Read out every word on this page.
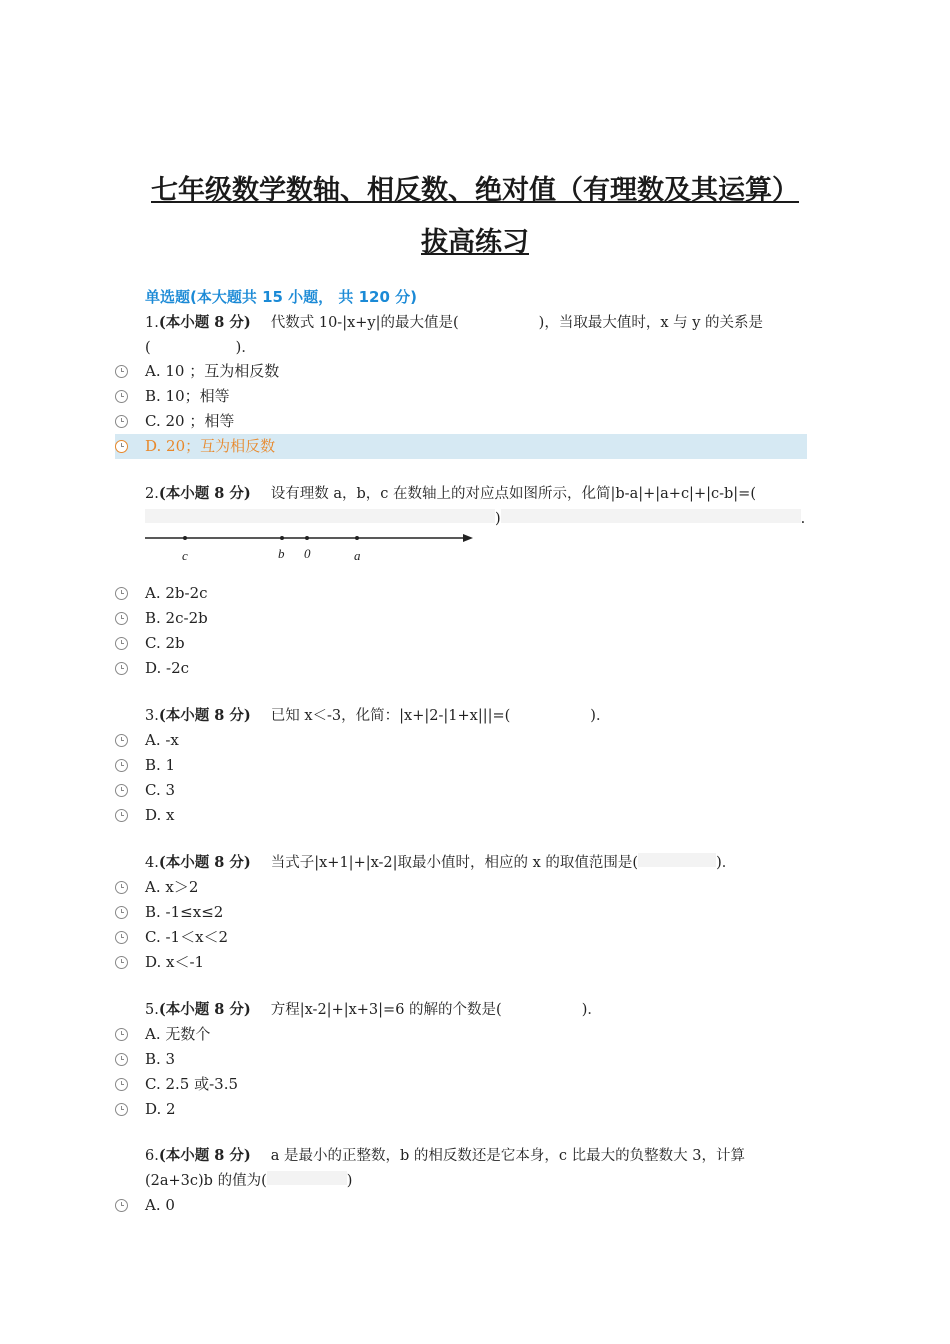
七年级数学数轴、相反数、绝对值（有理数及其运算）
拔高练习
单选题(本大题共 15 小题， 共 120 分)
1.(本小题 8 分) 代数式 10-|x+y|的最大值是(	)，当取最大值时，x 与 y 的关系是
(	)．
A. 10 ；互为相反数
B. 10；相等
C. 20 ；相等
D. 20；互为相反数
2.(本小题 8 分) 设有理数 a，b，c 在数轴上的对应点如图所示，化简|b-a|+|a+c|+|c-b|=(
)	.
c	b 0	a
A. 2b-2c
B. 2c-2b
C. 2b
D. -2c
3.(本小题 8 分) 已知 x＜-3，化简：|x+|2-|1+x|||=(	)．
A. -x
B. 1
C. 3
D. x
4.(本小题 8 分) 当式子|x+1|+|x-2|取最小值时，相应的 x 的取值范围是(	)．
A. x＞2
B. -1≤x≤2
C. -1＜x＜2
D. x＜-1
5.(本小题 8 分) 方程|x-2|+|x+3|=6 的解的个数是(	)．
A. 无数个
B. 3
C. 2.5 或-3.5
D. 2
6.(本小题 8 分) a 是最小的正整数，b 的相反数还是它本身，c 比最大的负整数大 3，计算
(2a+3c)b 的值为(	)
A. 0
